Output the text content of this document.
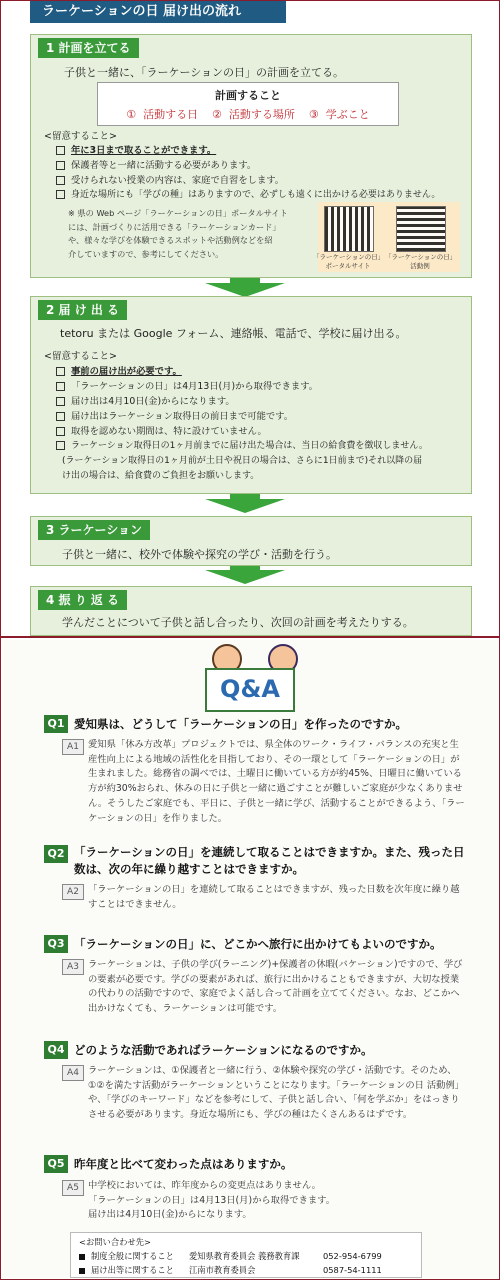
ラーケーションの日 届け出の流れ
1 計画を立てる
子供と一緒に、「ラーケーションの日」の計画を立てる。
計画すること
①  活動する日    ②  活動する場所    ③  学ぶこと
<留意すること>
年に3日まで取ることができます。
保護者等と一緒に活動する必要があります。
受けられない授業の内容は、家庭で自習をします。
身近な場所にも「学びの種」はありますので、必ずしも遠くに出かける必要はありません。
※ 県の Web ページ「ラーケーションの日」ポータルサイト
には、計画づくりに活用できる「ラーケーションカード」
や、様々な学びを体験できるスポットや活動例などを紹
介していますので、参考にしてください。	「ラーケーションの日」
ポータルサイト
「ラーケーションの日」
活動例
2 届 け 出 る
tetoru または Google フォーム、連絡帳、電話で、学校に届け出る。
<留意すること>
事前の届け出が必要です。
「ラーケーションの日」は4月13日(月)から取得できます。
届け出は4月10日(金)からになります。
届け出はラーケーション取得日の前日まで可能です。
取得を認めない期間は、特に設けていません。
ラーケーション取得日の1ヶ月前までに届け出た場合は、当日の給食費を徴収しません。
(ラーケーション取得日の1ヶ月前が土日や祝日の場合は、さらに1日前まで)それ以降の届
け出の場合は、給食費のご負担をお願いします。
3 ラーケーション
子供と一緒に、校外で体験や探究の学び・活動を行う。
4 振 り 返 る
学んだことについて子供と話し合ったり、次回の計画を考えたりする。
Q&A
Q1 愛知県は、どうして「ラーケーションの日」を作ったのですか。
A1 愛知県「休み方改革」プロジェクトでは、県全体のワーク・ライフ・バランスの充実と生産性向上による地域の活性化を目指しており、その一環として「ラーケーションの日」が生まれました。総務省の調べでは、土曜日に働いている方が約45%、日曜日に働いている方が約30%おられ、休みの日に子供と一緒に過ごすことが難しいご家庭が少なくありません。そうしたご家庭でも、平日に、子供と一緒に学び、活動することができるよう、「ラーケーションの日」を作りました。
Q2 「ラーケーションの日」を連続して取ることはできますか。また、残った日
数は、次の年に繰り越すことはできますか。
A2 「ラーケーションの日」を連続して取ることはできますが、残った日数を次年度に繰り越すことはできません。
Q3 「ラーケーションの日」に、どこかへ旅行に出かけてもよいのですか。
A3 ラーケーションは、子供の学び(ラーニング)+保護者の休暇(バケーション)ですので、学びの要素が必要です。学びの要素があれば、旅行に出かけることもできますが、大切な授業の代わりの活動ですので、家庭でよく話し合って計画を立ててください。なお、どこかへ出かけなくても、ラーケーションは可能です。
Q4 どのような活動であればラーケーションになるのですか。
A4 ラーケーションは、①保護者と一緒に行う、②体験や探究の学び・活動です。そのため、①②を満たす活動がラーケーションということになります。「ラーケーションの日 活動例」や、「学びのキーワード」などを参考にして、子供と話し合い、「何を学ぶか」をはっきりさせる必要があります。身近な場所にも、学びの種はたくさんあるはずです。
Q5 昨年度と比べて変わった点はありますか。
A5 中学校においては、昨年度からの変更点はありません。
「ラーケーションの日」は4月13日(月)から取得できます。
届け出は4月10日(金)からになります。
<お問い合わせ先>
制度全般に関すること 愛知県教育委員会 義務教育課	052-954-6799
届け出等に関すること 江南市教育委員会	0587-54-1111
